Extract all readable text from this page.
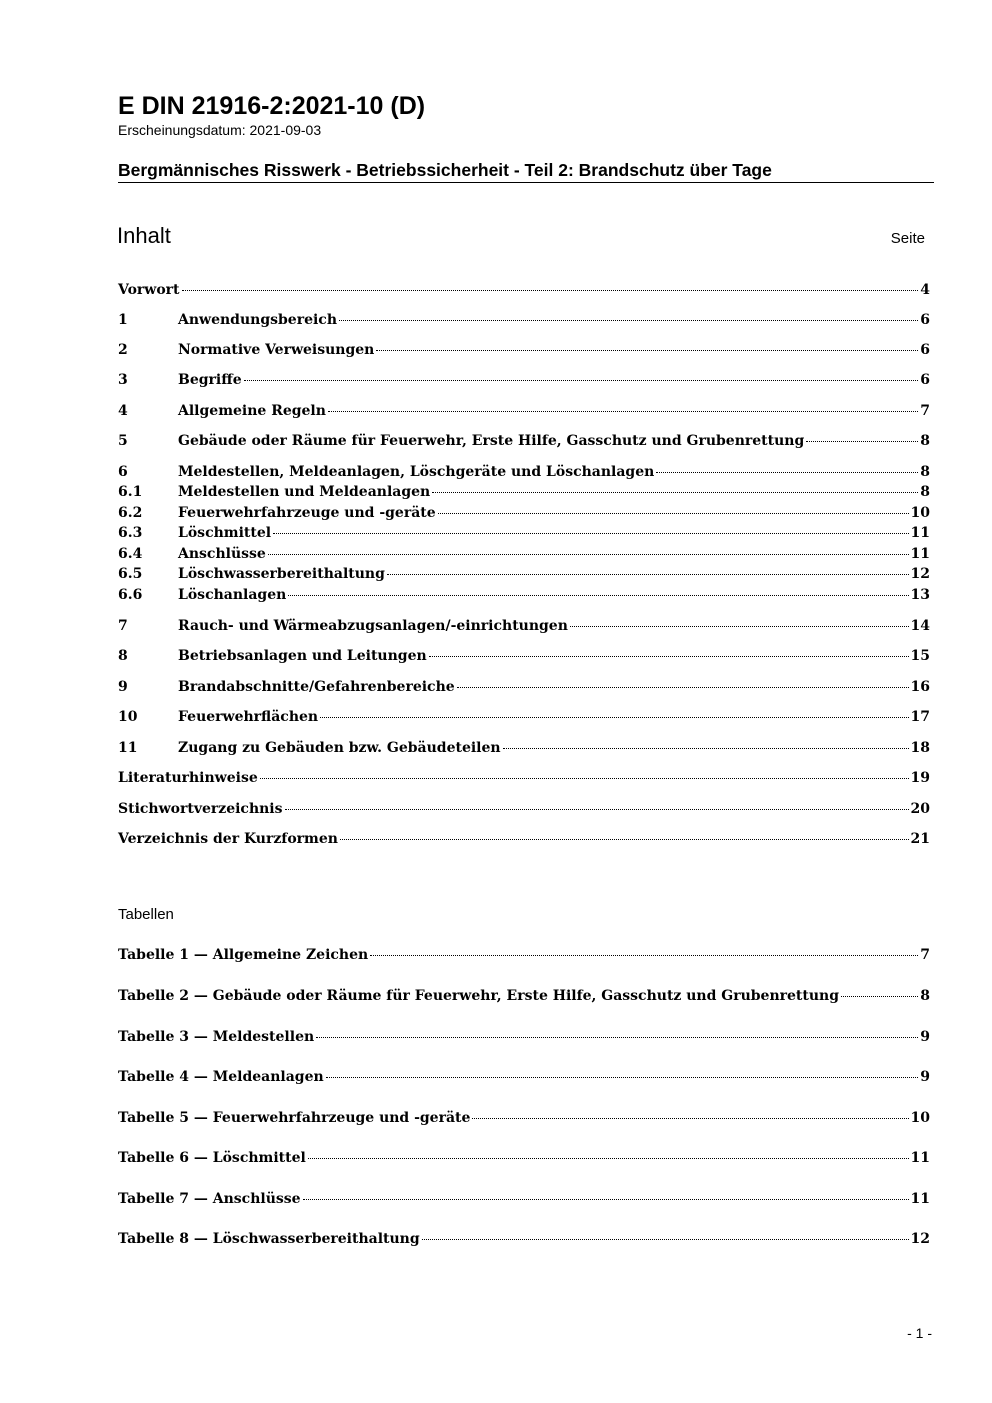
E DIN 21916-2:2021-10 (D)
Erscheinungsdatum: 2021-09-03
Bergmännisches Risswerk - Betriebssicherheit - Teil 2: Brandschutz über Tage
Inhalt	Seite
Vorwort	4
1	Anwendungsbereich	6
2	Normative Verweisungen	6
3	Begriffe	6
4	Allgemeine Regeln	7
5	Gebäude oder Räume für Feuerwehr, Erste Hilfe, Gasschutz und Grubenrettung	8
6	Meldestellen, Meldeanlagen, Löschgeräte und Löschanlagen	8
6.1	Meldestellen und Meldeanlagen	8
6.2	Feuerwehrfahrzeuge und -geräte	10
6.3	Löschmittel	11
6.4	Anschlüsse	11
6.5	Löschwasserbereithaltung	12
6.6	Löschanlagen	13
7	Rauch- und Wärmeabzugsanlagen/-einrichtungen	14
8	Betriebsanlagen und Leitungen	15
9	Brandabschnitte/Gefahrenbereiche	16
10	Feuerwehrflächen	17
11	Zugang zu Gebäuden bzw. Gebäudeteilen	18
Literaturhinweise	19
Stichwortverzeichnis	20
Verzeichnis der Kurzformen	21
Tabellen
Tabelle 1 — Allgemeine Zeichen	7
Tabelle 2 — Gebäude oder Räume für Feuerwehr, Erste Hilfe, Gasschutz und Grubenrettung	8
Tabelle 3 — Meldestellen	9
Tabelle 4 — Meldeanlagen	9
Tabelle 5 — Feuerwehrfahrzeuge und -geräte	10
Tabelle 6 — Löschmittel	11
Tabelle 7 — Anschlüsse	11
Tabelle 8 — Löschwasserbereithaltung	12
- 1 -
